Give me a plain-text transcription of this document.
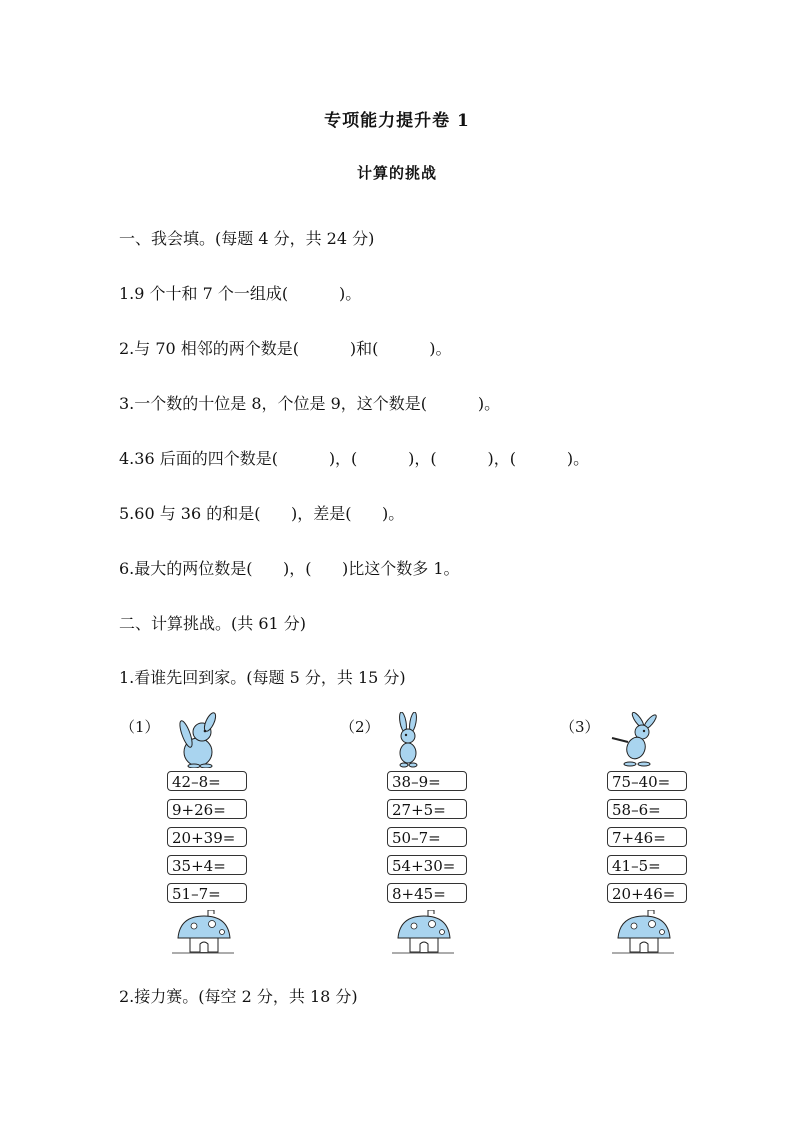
专项能力提升卷 1
计算的挑战
一、我会填。(每题 4 分，共 24 分)
1.9 个十和 7 个一组成(          )。
2.与 70 相邻的两个数是(          )和(          )。
3.一个数的十位是 8，个位是 9，这个数是(          )。
4.36 后面的四个数是(          )，(          )，(          )，(          )。
5.60 与 36 的和是(      )，差是(      )。
6.最大的两位数是(      )，(      )比这个数多 1。
二、计算挑战。(共 61 分)
1.看谁先回到家。(每题 5 分，共 15 分)
（1）
42–8=
9+26=
20+39=
35+4=
51–7=
（2）
38–9=
27+5=
50–7=
54+30=
8+45=
（3）
75–40=
58–6=
7+46=
41–5=
20+46=
2.接力赛。(每空 2 分，共 18 分)
